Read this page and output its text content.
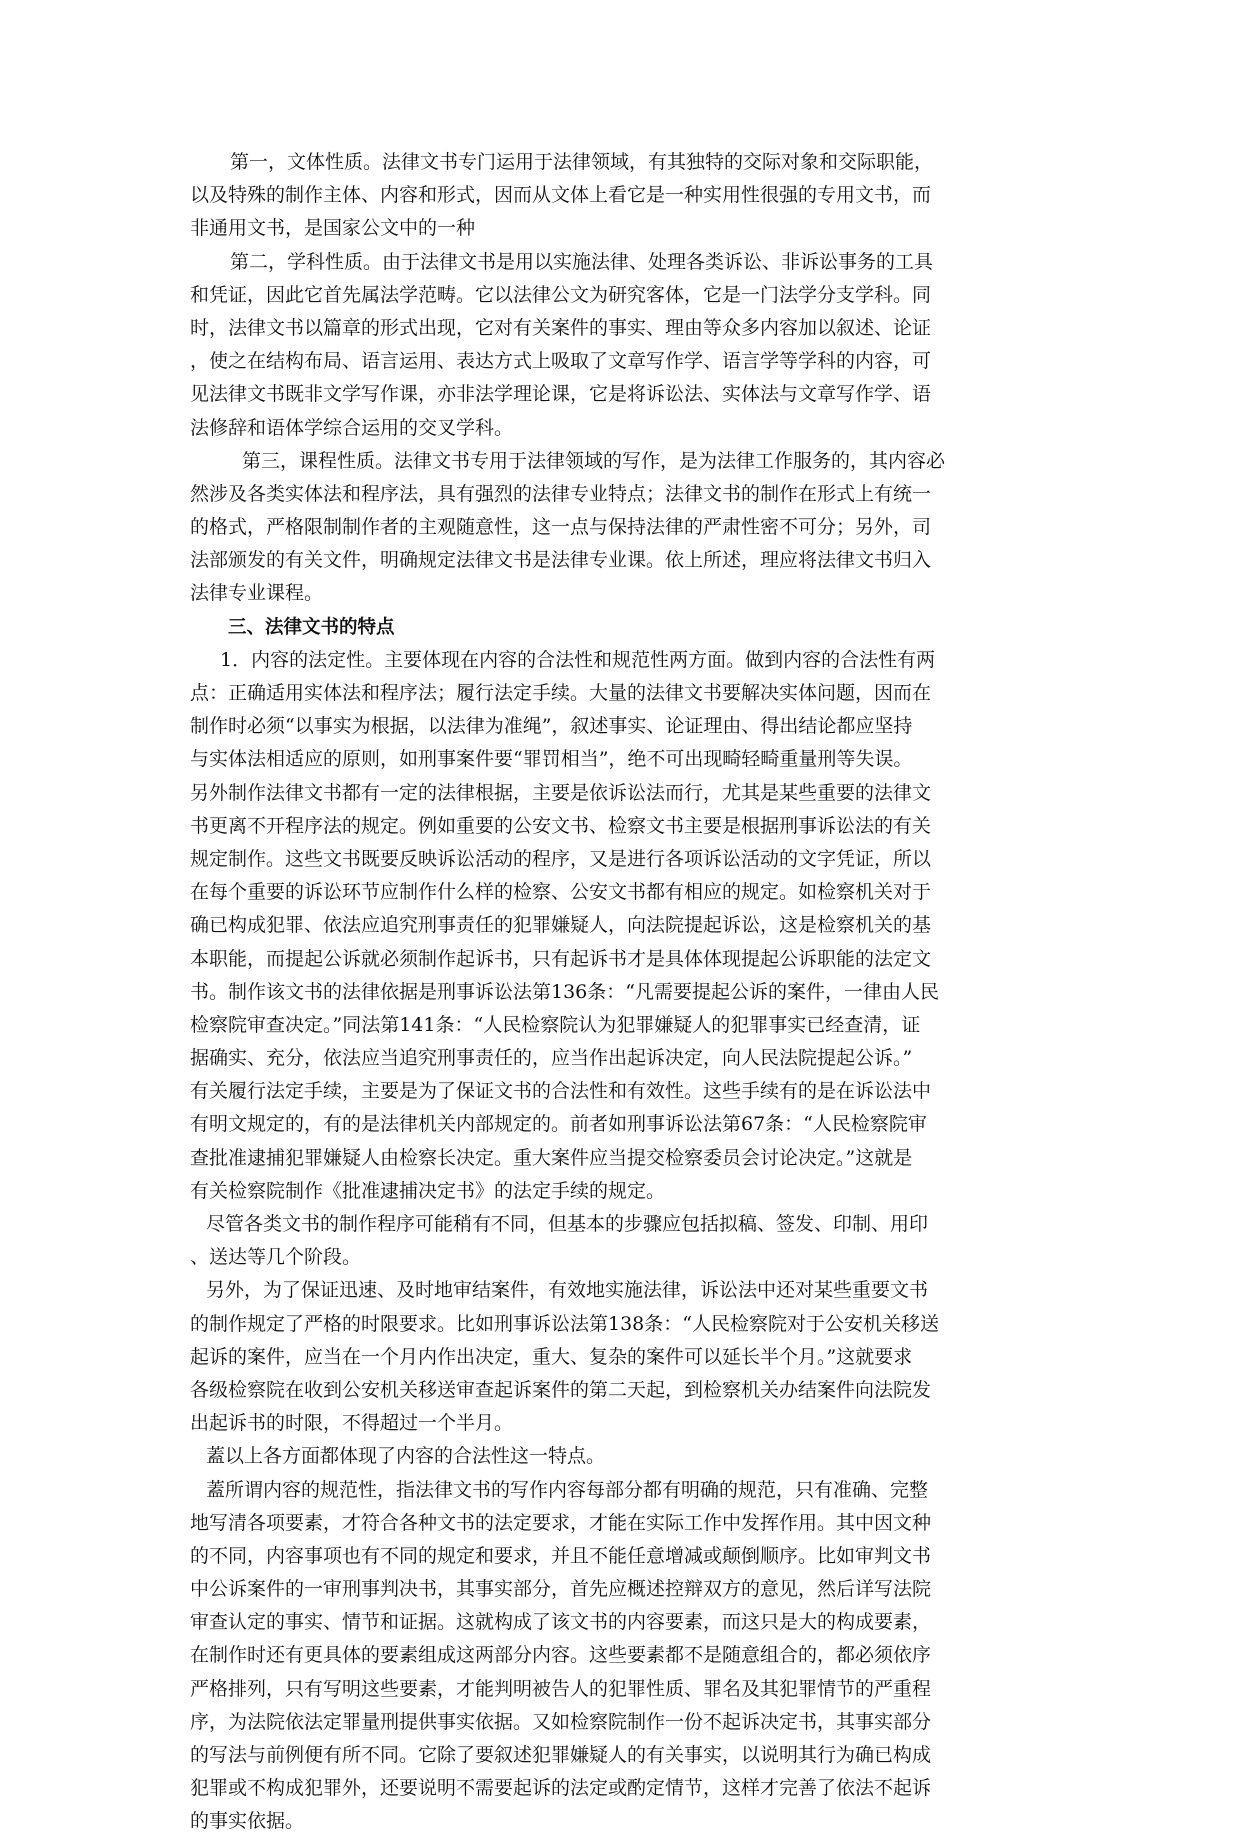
第一，文体性质。法律文书专门运用于法律领域，有其独特的交际对象和交际职能，
以及特殊的制作主体、内容和形式，因而从文体上看它是一种实用性很强的专用文书，而
非通用文书，是国家公文中的一种
第二，学科性质。由于法律文书是用以实施法律、处理各类诉讼、非诉讼事务的工具
和凭证，因此它首先属法学范畴。它以法律公文为研究客体，它是一门法学分支学科。同
时，法律文书以篇章的形式出现，它对有关案件的事实、理由等众多内容加以叙述、论证
，使之在结构布局、语言运用、表达方式上吸取了文章写作学、语言学等学科的内容，可
见法律文书既非文学写作课，亦非法学理论课，它是将诉讼法、实体法与文章写作学、语
法修辞和语体学综合运用的交叉学科。
第三，课程性质。法律文书专用于法律领域的写作，是为法律工作服务的，其内容必
然涉及各类实体法和程序法，具有强烈的法律专业特点；法律文书的制作在形式上有统一
的格式，严格限制制作者的主观随意性，这一点与保持法律的严肃性密不可分；另外，司
法部颁发的有关文件，明确规定法律文书是法律专业课。依上所述，理应将法律文书归入
法律专业课程。
三、法律文书的特点
1．内容的法定性。主要体现在内容的合法性和规范性两方面。做到内容的合法性有两
点：正确适用实体法和程序法；履行法定手续。大量的法律文书要解决实体问题，因而在
制作时必须“以事实为根据，以法律为准绳”，叙述事实、论证理由、得出结论都应坚持
与实体法相适应的原则，如刑事案件要“罪罚相当”，绝不可出现畸轻畸重量刑等失误。
另外制作法律文书都有一定的法律根据，主要是依诉讼法而行，尤其是某些重要的法律文
书更离不开程序法的规定。例如重要的公安文书、检察文书主要是根据刑事诉讼法的有关
规定制作。这些文书既要反映诉讼活动的程序，又是进行各项诉讼活动的文字凭证，所以
在每个重要的诉讼环节应制作什么样的检察、公安文书都有相应的规定。如检察机关对于
确已构成犯罪、依法应追究刑事责任的犯罪嫌疑人，向法院提起诉讼，这是检察机关的基
本职能，而提起公诉就必须制作起诉书，只有起诉书才是具体体现提起公诉职能的法定文
书。制作该文书的法律依据是刑事诉讼法第136条：“凡需要提起公诉的案件，一律由人民
检察院审查决定。”同法第141条：“人民检察院认为犯罪嫌疑人的犯罪事实已经查清，证
据确实、充分，依法应当追究刑事责任的，应当作出起诉决定，向人民法院提起公诉。”
有关履行法定手续，主要是为了保证文书的合法性和有效性。这些手续有的是在诉讼法中
有明文规定的，有的是法律机关内部规定的。前者如刑事诉讼法第67条：“人民检察院审
查批准逮捕犯罪嫌疑人由检察长决定。重大案件应当提交检察委员会讨论决定。”这就是
有关检察院制作《批准逮捕决定书》的法定手续的规定。
尽管各类文书的制作程序可能稍有不同，但基本的步骤应包括拟稿、签发、印制、用印
、送达等几个阶段。
另外，为了保证迅速、及时地审结案件，有效地实施法律，诉讼法中还对某些重要文书
的制作规定了严格的时限要求。比如刑事诉讼法第138条：“人民检察院对于公安机关移送
起诉的案件，应当在一个月内作出决定，重大、复杂的案件可以延长半个月。”这就要求
各级检察院在收到公安机关移送审查起诉案件的第二天起，到检察机关办结案件向法院发
出起诉书的时限，不得超过一个半月。
蓋以上各方面都体现了内容的合法性这一特点。
蓋所谓内容的规范性，指法律文书的写作内容每部分都有明确的规范，只有准确、完整
地写清各项要素，才符合各种文书的法定要求，才能在实际工作中发挥作用。其中因文种
的不同，内容事项也有不同的规定和要求，并且不能任意增减或颠倒顺序。比如审判文书
中公诉案件的一审刑事判决书，其事实部分，首先应概述控辩双方的意见，然后详写法院
审查认定的事实、情节和证据。这就构成了该文书的内容要素，而这只是大的构成要素，
在制作时还有更具体的要素组成这两部分内容。这些要素都不是随意组合的，都必须依序
严格排列，只有写明这些要素，才能判明被告人的犯罪性质、罪名及其犯罪情节的严重程
序，为法院依法定罪量刑提供事实依据。又如检察院制作一份不起诉决定书，其事实部分
的写法与前例便有所不同。它除了要叙述犯罪嫌疑人的有关事实，以说明其行为确已构成
犯罪或不构成犯罪外，还要说明不需要起诉的法定或酌定情节，这样才完善了依法不起诉
的事实依据。
